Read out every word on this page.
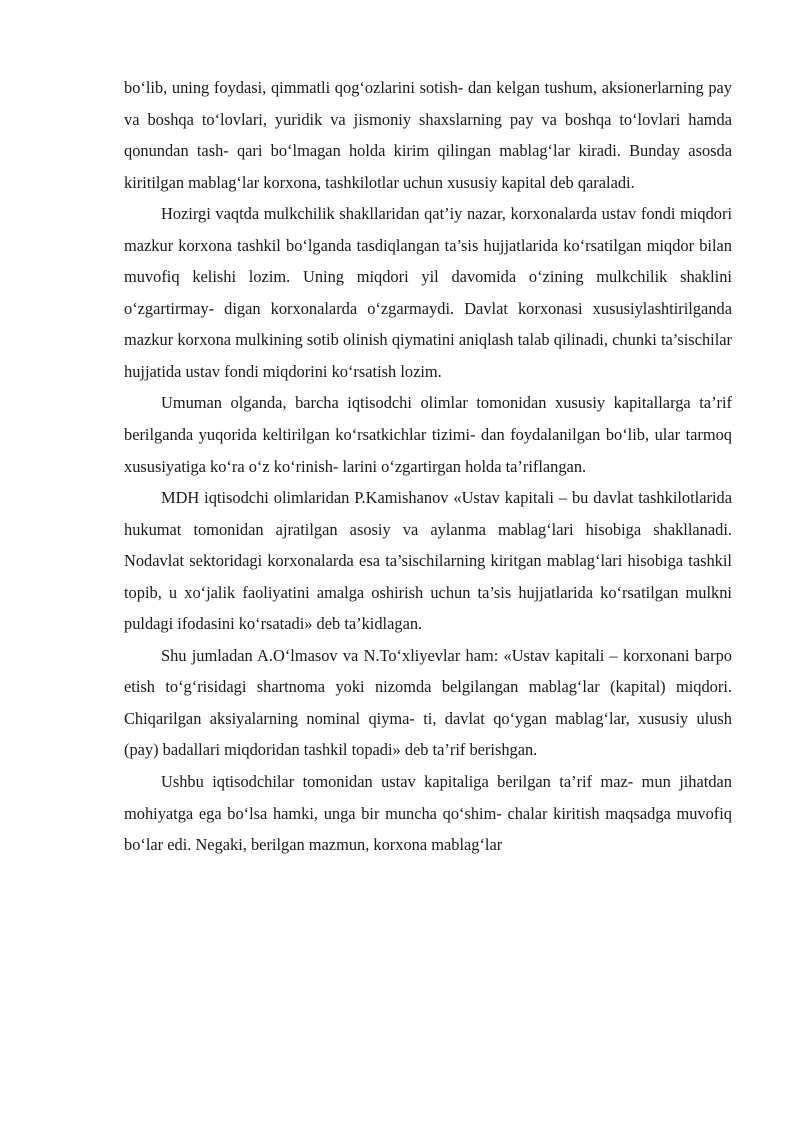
bo‘lib, uning foydasi, qimmatli qog‘ozlarini sotish- dan kelgan tushum, aksionerlarning pay va boshqa to‘lovlari, yuridik va jismoniy shaxslarning pay va boshqa to‘lovlari hamda qonundan tash- qari bo‘lmagan holda kirim qilingan mablag‘lar kiradi. Bunday asosda kiritilgan mablag‘lar korxona, tashkilotlar uchun xususiy kapital deb qaraladi.

Hozirgi vaqtda mulkchilik shakllaridan qat’iy nazar, korxonalarda ustav fondi miqdori mazkur korxona tashkil bo‘lganda tasdiqlangan ta’sis hujjatlarida ko‘rsatilgan miqdor bilan muvofiq kelishi lozim. Uning miqdori yil davomida o‘zining mulkchilik shaklini o‘zgartirmay- digan korxonalarda o‘zgarmaydi. Davlat korxonasi xususiylashtirilganda mazkur korxona mulkining sotib olinish qiymatini aniqlash talab qilinadi, chunki ta’sischilar hujjatida ustav fondi miqdorini ko‘rsatish lozim.

Umuman olganda, barcha iqtisodchi olimlar tomonidan xususiy kapitallarga ta’rif berilganda yuqorida keltirilgan ko‘rsatkichlar tizimi- dan foydalanilgan bo‘lib, ular tarmoq xususiyatiga ko‘ra o‘z ko‘rinish- larini o‘zgartirgan holda ta’riflangan.

MDH iqtisodchi olimlaridan P.Kamishanov «Ustav kapitali – bu davlat tashkilotlarida hukumat tomonidan ajratilgan asosiy va aylanma mablag‘lari hisobiga shakllanadi. Nodavlat sektoridagi korxonalarda esa ta’sischilarning kiritgan mablag‘lari hisobiga tashkil topib, u xo‘jalik faoliyatini amalga oshirish uchun ta’sis hujjatlarida ko‘rsatilgan mulkni puldagi ifodasini ko‘rsatadi» deb ta’kidlagan.

Shu jumladan A.O‘lmasov va N.To‘xliyevlar ham: «Ustav kapitali – korxonani barpo etish to‘g‘risidagi shartnoma yoki nizomda belgilangan mablag‘lar (kapital) miqdori. Chiqarilgan aksiyalarning nominal qiyma- ti, davlat qo‘ygan mablag‘lar, xususiy ulush (pay) badallari miqdoridan tashkil topadi» deb ta’rif berishgan.

Ushbu iqtisodchilar tomonidan ustav kapitaliga berilgan ta’rif maz- mun jihatdan mohiyatga ega bo‘lsa hamki, unga bir muncha qo‘shim- chalar kiritish maqsadga muvofiq bo‘lar edi. Negaki, berilgan mazmun, korxona mablag‘lar
